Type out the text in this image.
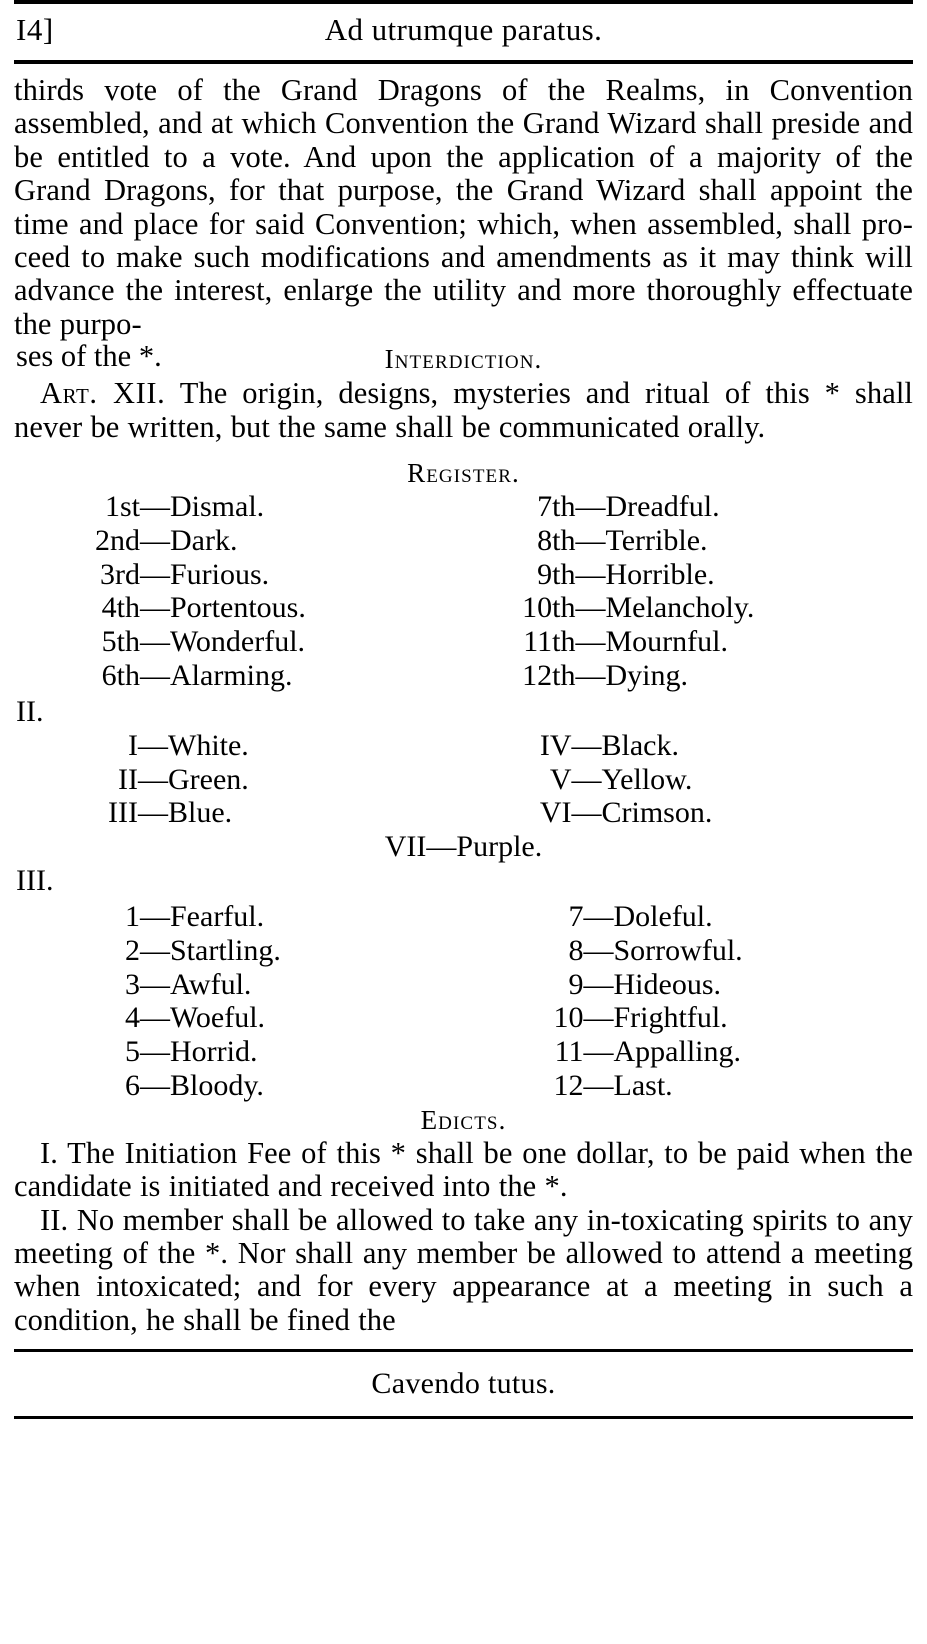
I4]	Ad utrumque paratus.

thirds vote of the Grand Dragons of the Realms, in Convention assembled, and at which Convention the Grand Wizard shall preside and be entitled to a vote. And upon the application of a majority of the Grand Dragons, for that purpose, the Grand Wizard shall appoint the time and place for said Convention; which, when assembled, shall pro-ceed to make such modifications and amendments as it may think will advance the interest, enlarge the utility and more thoroughly effectuate the purpo-

ses of the *.	Interdiction.

Art. XII. The origin, designs, mysteries and ritual of this * shall never be written, but the same shall be communicated orally.

Register.
1st — Dismal.
2nd — Dark.
3rd — Furious.
4th — Portentous.
5th — Wonderful.
6th — Alarming.
7th — Dreadful.
8th — Terrible.
9th — Horrible.
10th — Melancholy.
11th — Mournful.
12th — Dying.
II.
I — White.
II — Green.
III — Blue.
IV — Black.
V — Yellow.
VI — Crimson.
VII—Purple.
III.
1 — Fearful.
2 — Startling.
3 — Awful.
4 — Woeful.
5 — Horrid.
6 — Bloody.
7 — Doleful.
8 — Sorrowful.
9 — Hideous.
10 — Frightful.
11 — Appalling.
12 — Last.
Edicts.

I. The Initiation Fee of this * shall be one dollar, to be paid when the candidate is initiated and received into the *.

II. No member shall be allowed to take any in-toxicating spirits to any meeting of the *. Nor shall any member be allowed to attend a meeting when intoxicated; and for every appearance at a meeting in such a condition, he shall be fined the

Cavendo tutus.
